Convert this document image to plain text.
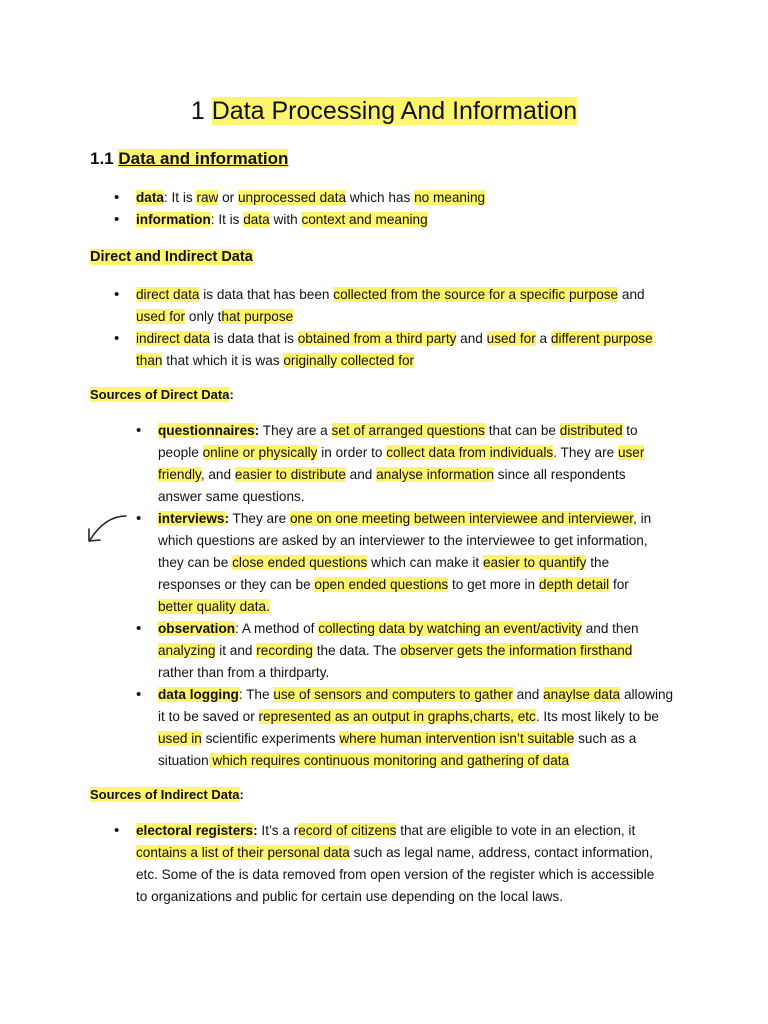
1 Data Processing And Information
1.1 Data and information
• data: It is raw or unprocessed data which has no meaning
• information: It is data with context and meaning
Direct and Indirect Data
• direct data is data that has been collected from the source for a specific purpose and
used for only that purpose
• indirect data is data that is obtained from a third party and used for a different purpose
than that which it is was originally collected for
Sources of Direct Data:
• questionnaires: They are a set of arranged questions that can be distributed to
people online or physically in order to collect data from individuals. They are user
friendly, and easier to distribute and analyse information since all respondents
answer same questions.
• interviews: They are one on one meeting between interviewee and interviewer, in
which questions are asked by an interviewer to the interviewee to get information,
they can be close ended questions which can make it easier to quantify the
responses or they can be open ended questions to get more in depth detail for
better quality data.
• observation: A method of collecting data by watching an event/activity and then
analyzing it and recording the data. The observer gets the information firsthand
rather than from a thirdparty.
• data logging: The use of sensors and computers to gather and anaylse data allowing
it to be saved or represented as an output in graphs,charts, etc. Its most likely to be
used in scientific experiments where human intervention isn’t suitable such as a
situation which requires continuous monitoring and gathering of data
Sources of Indirect Data:
• electoral registers: It’s a record of citizens that are eligible to vote in an election, it
contains a list of their personal data such as legal name, address, contact information,
etc. Some of the is data removed from open version of the register which is accessible
to organizations and public for certain use depending on the local laws.
